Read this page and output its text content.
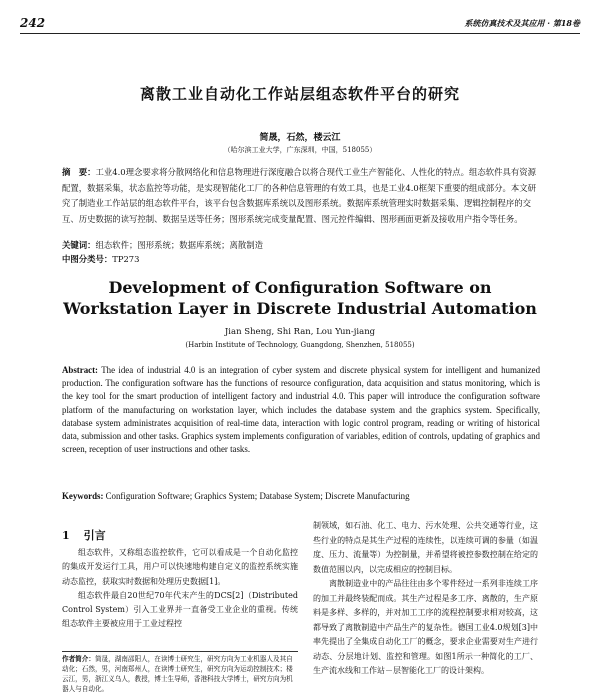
242	系统仿真技术及其应用 · 第18卷
离散工业自动化工作站层组态软件平台的研究
简晟，石然，楼云江
（哈尔滨工业大学，广东深圳，中国，518055）
摘　要：工业4.0理念要求将分散网络化和信息物理进行深度融合以将合现代工业生产智能化、人性化的特点。组态软件具有资源配置，数据采集，状态监控等功能，是实现智能化工厂的各种信息管理的有效工具，也是工业4.0框架下重要的组成部分。本文研究了制造业工作站层的组态软件平台，该平台包含数据库系统以及图形系统。数据库系统管理实时数据采集、逻辑控制程序的交互、历史数据的读写控制、数据呈送等任务；图形系统完成变量配置、图元控件编辑、图形画面更新及接收用户指令等任务。
关键词：组态软件；图形系统；数据库系统；离散制造
中图分类号：TP273
Development of Configuration Software on Workstation Layer in Discrete Industrial Automation
Jian Sheng, Shi Ran, Lou Yun-jiang
(Harbin Institute of Technology, Guangdong, Shenzhen, 518055)
Abstract: The idea of industrial 4.0 is an integration of cyber system and discrete physical system for intelligent and humanized production. The configuration software has the functions of resource configuration, data acquisition and status monitoring, which is the key tool for the smart production of intelligent factory and industrial 4.0. This paper will introduce the configuration software platform of the manufacturing on workstation layer, which includes the database system and the graphics system. Specifically, database system administrates acquisition of real-time data, interaction with logic control program, reading or writing of historical data, submission and other tasks. Graphics system implements configuration of variables, edition of controls, updating of graphics and screen, reception of user instructions and other tasks.
Keywords: Configuration Software; Graphics System; Database System; Discrete Manufacturing
1 引言

组态软件，又称组态监控软件，它可以看成是一个自动化监控的集成开发运行工具，用户可以快速地构建自定义的监控系统实施动态监控，获取实时数据和处理历史数据[1]。

组态软件最自20世纪70年代末产生的DCS[2]（Distributed Control System）引入工业界并一直备受工业企业的重视。传统组态软件主要被应用于工业过程控

制领域，如石油、化工、电力、污水处理、公共交通等行业，这些行业的特点是其生产过程的连续性，以连续可调的参量（如温度、压力、流量等）为控制量，并希望将被控参数控制在给定的数值范围以内，以完成相应的控制目标。

离散制造业中的产品往往由多个零件经过一系列非连续工序的加工并最终装配而成。其生产过程是多工序、离散的，生产原料是多样、多样的，并对加工工序的流程控制要求相对较高，这都导致了离散制造中产品生产的复杂性。德国工业4.0规划[3]中率先提出了全集成自动化工厂的概念，要求企业需要对生产进行动态、分层地计划、监控和管理。如图1所示一种简化的工厂、生产流水线和工作站－层智能化工厂的设计架构。

作者简介：简晟，湖南邵阳人，在读博士研究生，研究方向为工业机器人及其自动化；石然，男，河南郑州人，在读博士研究生，研究方向为运动控制技术；楼云江，男，浙江义乌人，教授，博士生导师，香港科技大学博士，研究方向为机器人与自动化。
